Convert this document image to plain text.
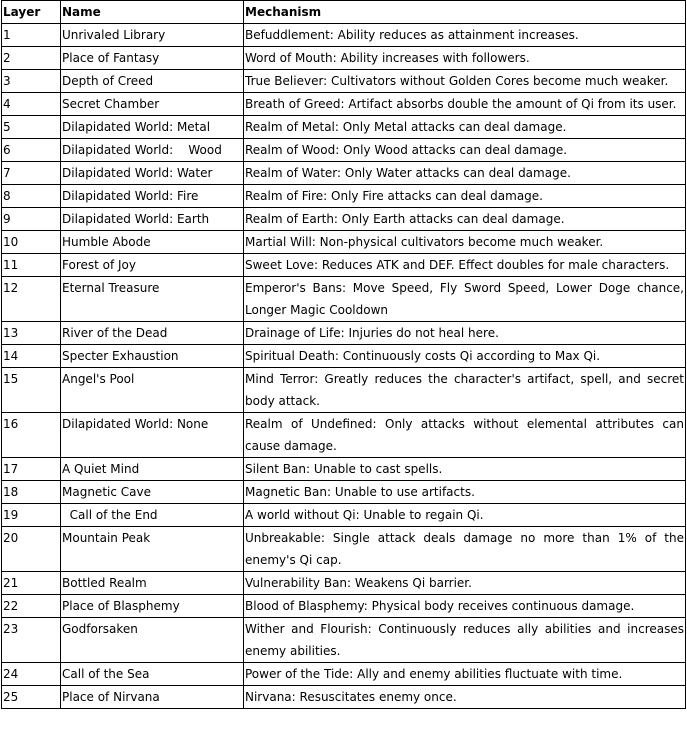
Layer	Name	Mechanism
1	Unrivaled Library	Befuddlement: Ability reduces as attainment increases.
2	Place of Fantasy	Word of Mouth: Ability increases with followers.
3	Depth of Creed	True Believer: Cultivators without Golden Cores become much weaker.
4	Secret Chamber	Breath of Greed: Artifact absorbs double the amount of Qi from its user.
5	Dilapidated World: Metal	Realm of Metal: Only Metal attacks can deal damage.
6	Dilapidated World:    Wood	Realm of Wood: Only Wood attacks can deal damage.
7	Dilapidated World: Water	Realm of Water: Only Water attacks can deal damage.
8	Dilapidated World: Fire	Realm of Fire: Only Fire attacks can deal damage.
9	Dilapidated World: Earth	Realm of Earth: Only Earth attacks can deal damage.
10	Humble Abode	Martial Will: Non-physical cultivators become much weaker.
11	Forest of Joy	Sweet Love: Reduces ATK and DEF. Effect doubles for male characters.
12	Eternal Treasure	Emperor's Bans: Move Speed, Fly Sword Speed, Lower Doge chance, Longer Magic Cooldown
13	River of the Dead	Drainage of Life: Injuries do not heal here.
14	Specter Exhaustion	Spiritual Death: Continuously costs Qi according to Max Qi.
15	Angel's Pool	Mind Terror: Greatly reduces the character's artifact, spell, and secret body attack.
16	Dilapidated World: None	Realm of Undefined: Only attacks without elemental attributes can cause damage.
17	A Quiet Mind	Silent Ban: Unable to cast spells.
18	Magnetic Cave	Magnetic Ban: Unable to use artifacts.
19	Call of the End	A world without Qi: Unable to regain Qi.
20	Mountain Peak	Unbreakable: Single attack deals damage no more than 1% of the enemy's Qi cap.
21	Bottled Realm	Vulnerability Ban: Weakens Qi barrier.
22	Place of Blasphemy	Blood of Blasphemy: Physical body receives continuous damage.
23	Godforsaken	Wither and Flourish: Continuously reduces ally abilities and increases enemy abilities.
24	Call of the Sea	Power of the Tide: Ally and enemy abilities fluctuate with time.
25	Place of Nirvana	Nirvana: Resuscitates enemy once.
